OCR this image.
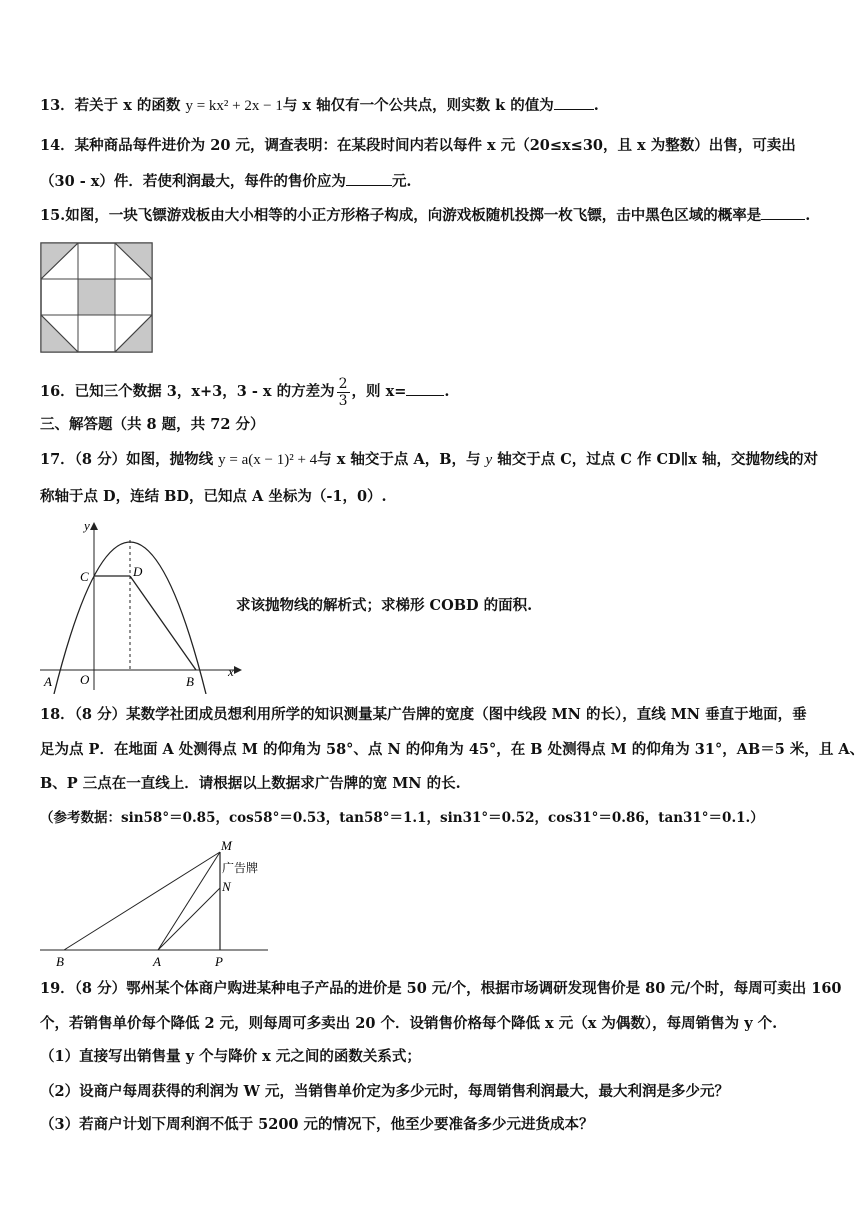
13．若关于 x 的函数 y = kx² + 2x − 1与 x 轴仅有一个公共点，则实数 k 的值为	.
14．某种商品每件进价为 20 元，调查表明：在某段时间内若以每件 x 元（20≤x≤30，且 x 为整数）出售，可卖出
（30 - x）件．若使利润最大，每件的售价应为	元.
15.如图，一块飞镖游戏板由大小相等的小正方形格子构成，向游戏板随机投掷一枚飞镖，击中黑色区域的概率是	.
16．已知三个数据 3，x+3，3 - x 的方差为 $\frac{2}{3}$ ，则 x=	.
三、解答题（共 8 题，共 72 分）
17．（8 分）如图，抛物线 y = a(x − 1)² + 4与 x 轴交于点 A，B，与 y 轴交于点 C，过点 C 作 CD∥x 轴，交抛物线的对
称轴于点 D，连结 BD，已知点 A 坐标为（-1，0）.
y
x
C	D
A O	B
求该抛物线的解析式；求梯形 COBD 的面积.
18．（8 分）某数学社团成员想利用所学的知识测量某广告牌的宽度（图中线段 MN 的长），直线 MN 垂直于地面，垂
足为点 P．在地面 A 处测得点 M 的仰角为 58°、点 N 的仰角为 45°，在 B 处测得点 M 的仰角为 31°，AB＝5 米，且 A、
B、P 三点在一直线上．请根据以上数据求广告牌的宽 MN 的长.
（参考数据：sin58°＝0.85，cos58°＝0.53，tan58°＝1.1，sin31°＝0.52，cos31°＝0.86，tan31°＝0.1.）
M
广告牌
N
B	A	P
19．（8 分）鄂州某个体商户购进某种电子产品的进价是 50 元/个，根据市场调研发现售价是 80 元/个时，每周可卖出 160
个，若销售单价每个降低 2 元，则每周可多卖出 20 个．设销售价格每个降低 x 元（x 为偶数），每周销售为 y 个.
（1）直接写出销售量 y 个与降价 x 元之间的函数关系式；
（2）设商户每周获得的利润为 W 元，当销售单价定为多少元时，每周销售利润最大，最大利润是多少元？
（3）若商户计划下周利润不低于 5200 元的情况下，他至少要准备多少元进货成本？
